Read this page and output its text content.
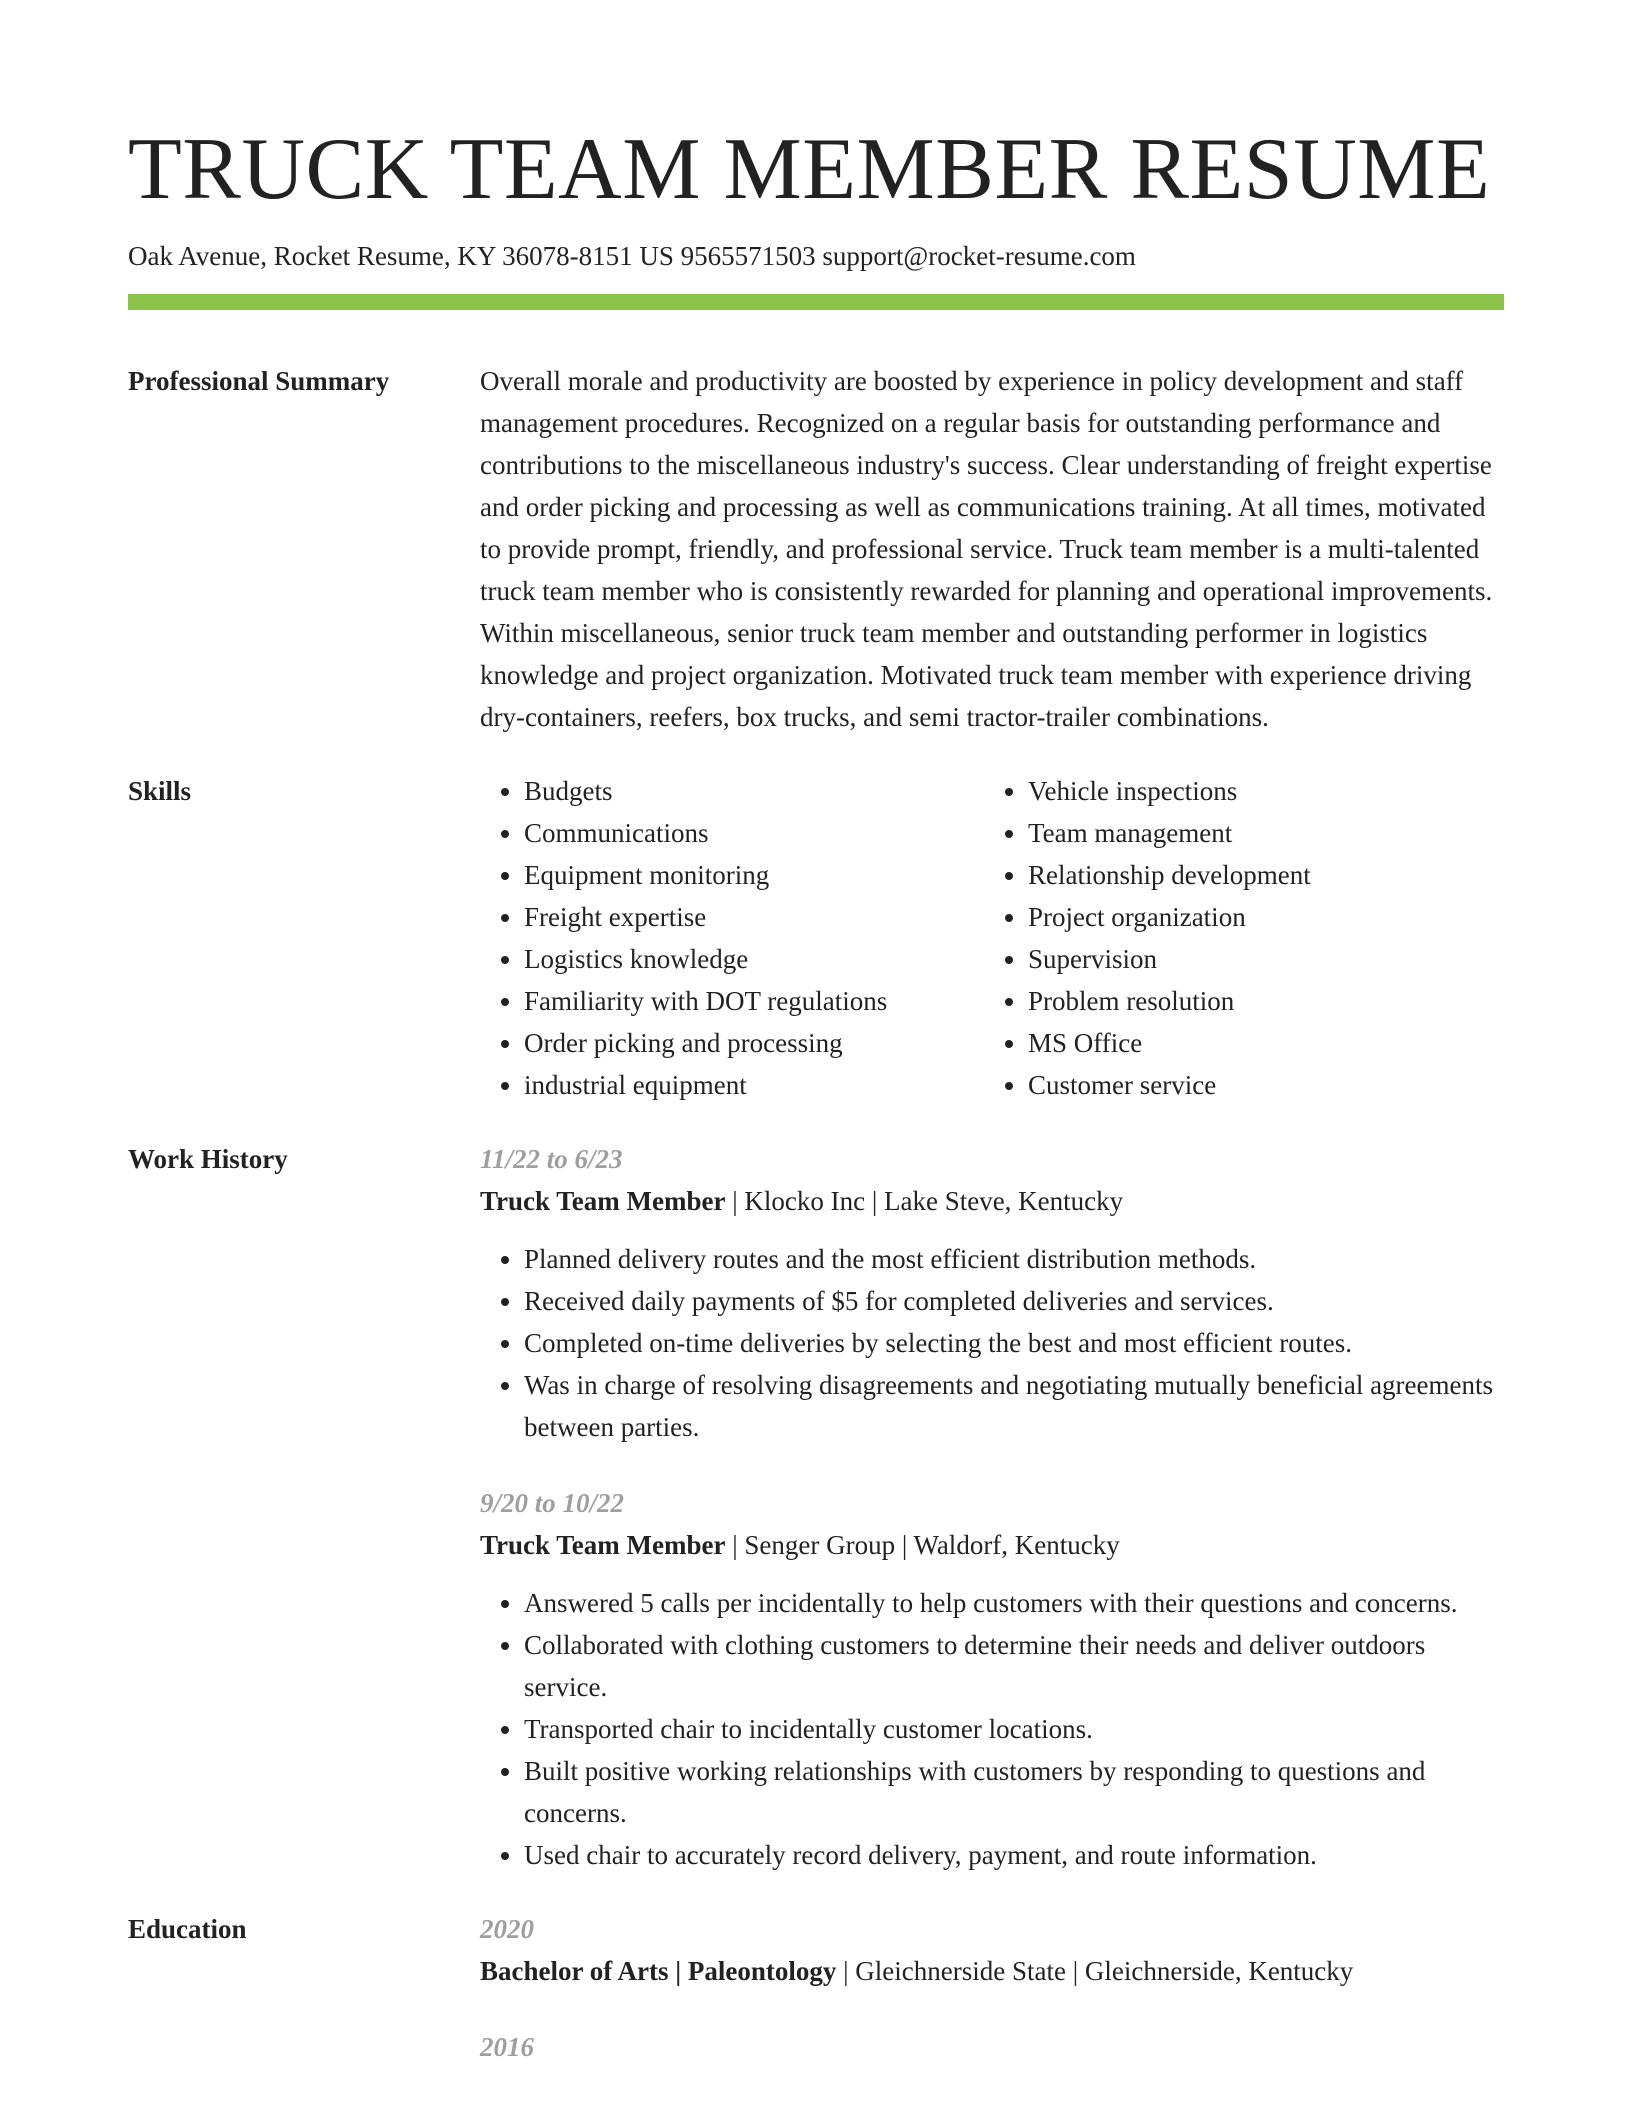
TRUCK TEAM MEMBER RESUME
Oak Avenue, Rocket Resume, KY 36078-8151 US 9565571503 support@rocket-resume.com
Professional Summary	Overall morale and productivity are boosted by experience in policy development and staff management procedures. Recognized on a regular basis for outstanding performance and contributions to the miscellaneous industry's success. Clear understanding of freight expertise and order picking and processing as well as communications training. At all times, motivated to provide prompt, friendly, and professional service. Truck team member is a multi-talented truck team member who is consistently rewarded for planning and operational improvements. Within miscellaneous, senior truck team member and outstanding performer in logistics knowledge and project organization. Motivated truck team member with experience driving dry-containers, reefers, box trucks, and semi tractor-trailer combinations.
Skills
•	Budgets
• Communications
• Equipment monitoring
• Freight expertise
• Logistics knowledge
• Familiarity with DOT regulations
• Order picking and processing
• industrial equipment
• Vehicle inspections
• Team management
• Relationship development
• Project organization
• Supervision
• Problem resolution
• MS Office
• Customer service
Work History	11/22 to 6/23
Truck Team Member | Klocko Inc | Lake Steve, Kentucky
• Planned delivery routes and the most efficient distribution methods.
• Received daily payments of $5 for completed deliveries and services.
• Completed on-time deliveries by selecting the best and most efficient routes.
• Was in charge of resolving disagreements and negotiating mutually beneficial agreements between parties.
9/20 to 10/22
Truck Team Member | Senger Group | Waldorf, Kentucky
• Answered 5 calls per incidentally to help customers with their questions and concerns.
• Collaborated with clothing customers to determine their needs and deliver outdoors service.
• Transported chair to incidentally customer locations.
• Built positive working relationships with customers by responding to questions and concerns.
• Used chair to accurately record delivery, payment, and route information.
Education	2020
Bachelor of Arts | Paleontology | Gleichnerside State | Gleichnerside, Kentucky
2016
